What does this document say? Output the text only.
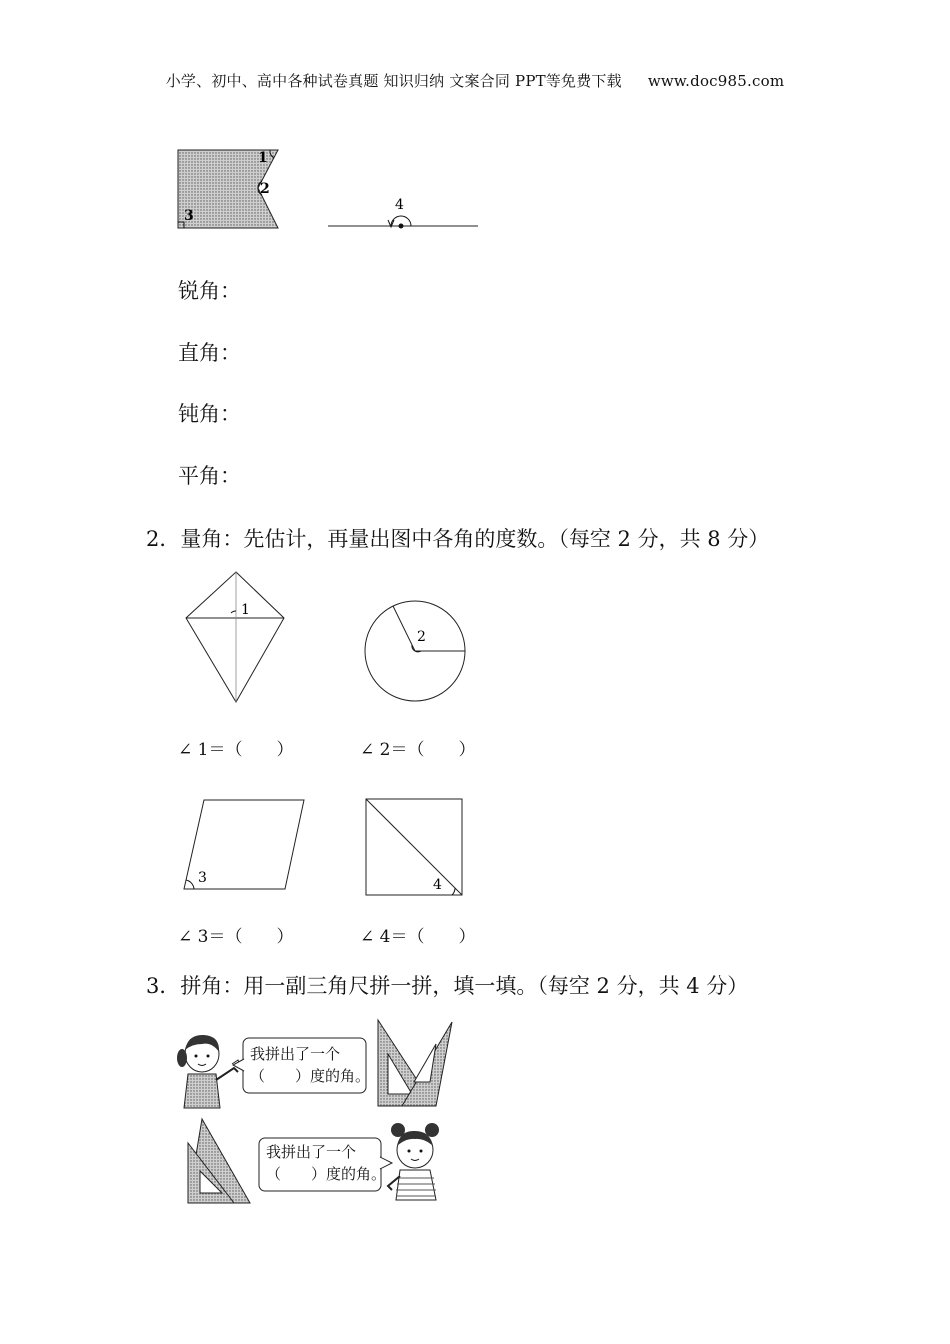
小学、初中、高中各种试卷真题 知识归纳 文案合同 PPT等免费下载 www.doc985.com
1
2
3
4
锐角：
直角：
钝角：
平角：
2．量角：先估计，再量出图中各角的度数。（每空 2 分，共 8 分）
1
2
∠ 1＝（　　）	∠ 2＝（　　）
3	4
∠ 3＝（　　）	∠ 4＝（　　）
3．拼角：用一副三角尺拼一拼，填一填。（每空 2 分，共 4 分）
我拼出了一个
（　　）度的角。
我拼出了一个
（　　）度的角。
